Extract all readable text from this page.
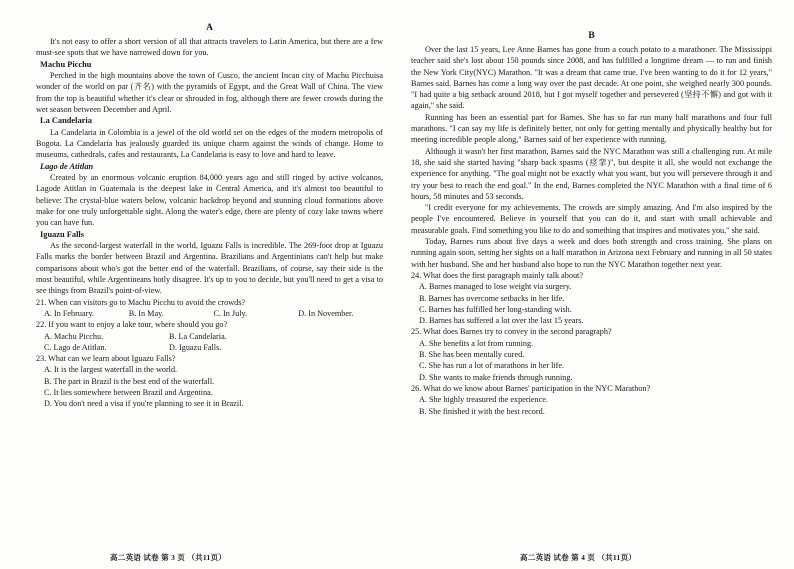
A

It's not easy to offer a short version of all that attracts travelers to Latin America, but there are a few must-see spots that we have narrowed down for you.

Machu Picchu

Perched in the high mountains above the town of Cusco, the ancient Incan city of Machu Picchuisa wonder of the world on par (齐名) with the pyramids of Egypt, and the Great Wall of China. The view from the top is beautiful whether it's clear or shrouded in fog, although there are fewer crowds during the wet season between December and April.

La Candelaria

La Candelaria in Colombia is a jewel of the old world set on the edges of the modern metropolis of Bogota. La Candelaria has jealously guarded its unique charm against the winds of change. Home to museums, cathedrals, cafes and restaurants, La Candelaria is easy to love and hard to leave.

Lago de Atitlan

Created by an enormous volcanic eruption 84,000 years ago and still ringed by active volcanos, Lagode Atitlan in Guatemala is the deepest lake in Central America, and it's almost too beautiful to believe: The crystal-blue waters below, volcanic backdrop beyond and stunning cloud formations above make for one truly unforgettable sight. Along the water's edge, there are plenty of cozy lake towns where you can have fun.

Iguazu Falls

As the second-largest waterfall in the world, Iguazu Falls is incredible. The 269-foot drop at Iguazu Falls marks the border between Brazil and Argentina. Brazilians and Argentinians can't help but make comparisons about who's got the better end of the waterfall. Brazilians, of course, say their side is the most beautiful, while Argentineans hotly disagree. It's up to you to decide, but you'll need to get a visa to see things from Brazil's point-of-view.

21. When can visitors go to Machu Picchu to avoid the crowds?
A. In February.	B. In May.	C. In July.	D. In November.
22. If you want to enjoy a lake tour, where should you go?
A. Machu Picchu.	B. La Candelaria.
C. Lago de Atitlan.	D. Iguazu Falls.
23. What can we learn about Iguazu Falls?
A. It is the largest waterfall in the world.
B. The part in Brazil is the best end of the waterfall.
C. It lies somewhere between Brazil and Argentina.
D. You don't need a visa if you're planning to see it in Brazil.
B

Over the last 15 years, Lee Anne Barnes has gone from a couch potato to a marathoner. The Mississippi teacher said she's lost about 150 pounds since 2008, and has fulfilled a longtime dream — to run and finish the New York City(NYC) Marathon. "It was a dream that came true. I've been wanting to do it for 12 years," Barnes said. Barnes has come a long way over the past decade. At one point, she weighed nearly 300 pounds. "I had quite a big setback around 2018, but I got myself together and persevered (坚持不懈) and got with it again," she said.

Running has been an essential part for Barnes. She has so far run many half marathons and four full marathons. "I can say my life is definitely better, not only for getting mentally and physically healthy but for meeting incredible people along," Barnes said of her experience with running.

Although it wasn't her first marathon, Barnes said the NYC Marathon was still a challenging run. At mile 18, she said she started having "sharp back spasms (痉挛)", but despite it all, she would not exchange the experience for anything. "The goal might not be exactly what you want, but you will persevere through it and try your best to reach the end goal." In the end, Barnes completed the NYC Marathon with a final time of 6 hours, 58 minutes and 53 seconds.

"I credit everyone for my achievements. The crowds are simply amazing. And I'm also inspired by the people I've encountered. Believe in yourself that you can do it, and start with small achievable and measurable goals. Find something you like to do and something that inspires and motivates you," she said.

Today, Barnes runs about five days a week and does both strength and cross training. She plans on running again soon, setting her sights on a half marathon in Arizona next February and running in all 50 states with her husband. She and her husband also hope to run the NYC Marathon together next year.

24. What does the first paragraph mainly talk about?
A. Barnes managed to lose weight via surgery.
B. Barnes has overcome setbacks in her life.
C. Barnes has fulfilled her long-standing wish.
D. Barnes has suffered a lot over the last 15 years.
25. What does Barnes try to convey in the second paragraph?
A. She benefits a lot from running.
B. She has been mentally cured.
C. She has run a lot of marathons in her life.
D. She wants to make friends through running.
26. What do we know about Barnes' participation in the NYC Marathon?
A. She highly treasured the experience.
B. She finished it with the best record.
高二英语 试卷 第 3 页 （共11页）	高二英语 试卷 第 4 页 （共11页）
